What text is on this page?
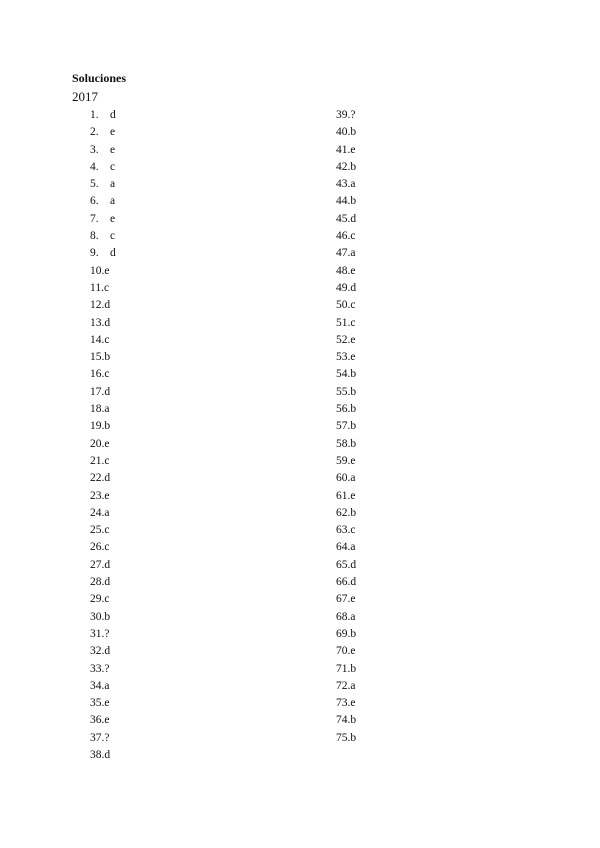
Soluciones
2017
1. d
2. e
3. e
4. c
5. a
6. a
7. e
8. c
9. d
10.e
11.c
12.d
13.d
14.c
15.b
16.c
17.d
18.a
19.b
20.e
21.c
22.d
23.e
24.a
25.c
26.c
27.d
28.d
29.c
30.b
31.?
32.d
33.?
34.a
35.e
36.e
37.?
38.d
39.?
40.b
41.e
42.b
43.a
44.b
45.d
46.c
47.a
48.e
49.d
50.c
51.c
52.e
53.e
54.b
55.b
56.b
57.b
58.b
59.e
60.a
61.e
62.b
63.c
64.a
65.d
66.d
67.e
68.a
69.b
70.e
71.b
72.a
73.e
74.b
75.b
